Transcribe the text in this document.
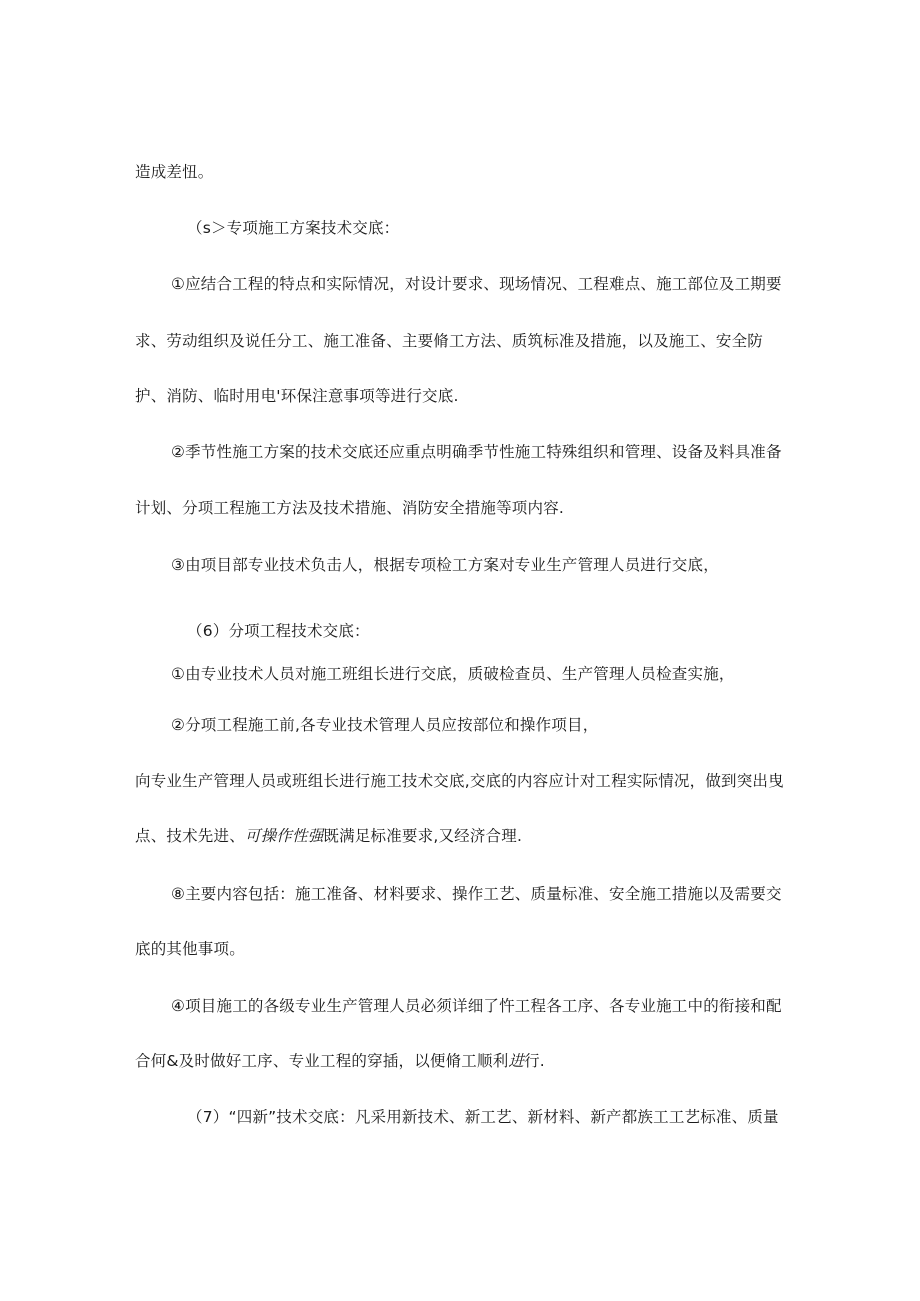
造成差忸。
（s＞专项施工方案技术交底：
①应结合工程的特点和实际情况，对设计要求、现场情况、工程难点、施工部位及工期要
求、劳动组织及说任分工、施工准备、主要脩工方法、质筑标准及措施，以及施工、安全防
护、消防、临时用电'环保注意事项等进行交底.
②季节性施工方案的技术交底还应重点明确季节性施工特殊组织和管理、设备及料具准备
计划、分项工程施工方法及技术措施、消防安全措施等项内容.
③由项目部专业技术负击人，根据专项检工方案对专业生产管理人员进行交底，
（6）分项工程技术交底：
①由专业技术人员对施工班组长进行交底，质破检查员、生产管理人员检查实施，
②分项工程施工前,各专业技术管理人员应按部位和操作项目，
向专业生产管理人员或班组长进行施工技术交底,交底的内容应计对工程实际情况，做到突出曳
点、技术先进、可操作性强既满足标准要求,又经济合理.
⑧主要内容包括：施工准备、材料要求、操作工艺、质量标准、安全施工措施以及需要交
底的其他事项。
④项目施工的各级专业生产管理人员必须详细了忤工程各工序、各专业施工中的衔接和配
合何&及时做好工序、专业工程的穿插，以便脩工顺利进行.
（7）“四新”技术交底：凡采用新技术、新工艺、新材料、新产都族工工艺标准、质量
